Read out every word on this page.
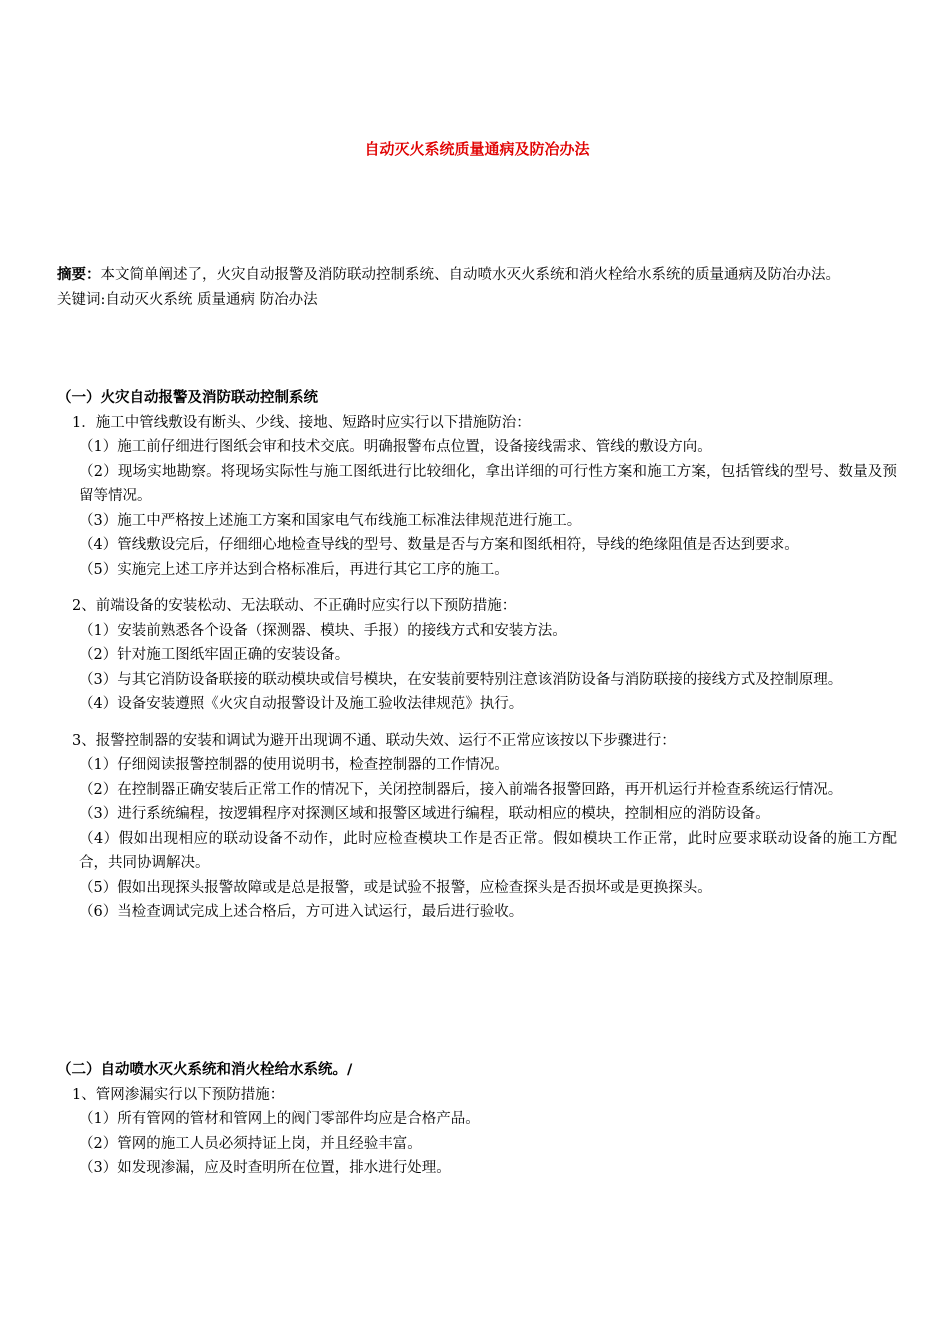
自动灭火系统质量通病及防冶办法

摘要：本文简单阐述了，火灾自动报警及消防联动控制系统、自动喷水灭火系统和消火栓给水系统的质量通病及防冶办法。

关键词:自动灭火系统 质量通病 防冶办法

（一）火灾自动报警及消防联动控制系统

1．施工中管线敷设有断头、少线、接地、短路时应实行以下措施防治：

（1）施工前仔细进行图纸会审和技术交底。明确报警布点位置，设备接线需求、管线的敷设方向。

（2）现场实地勘察。将现场实际性与施工图纸进行比较细化，拿出详细的可行性方案和施工方案，包括管线的型号、数量及预留等情况。

（3）施工中严格按上述施工方案和国家电气布线施工标准法律规范进行施工。

（4）管线敷设完后，仔细细心地检查导线的型号、数量是否与方案和图纸相符，导线的绝缘阻值是否达到要求。

（5）实施完上述工序并达到合格标准后，再进行其它工序的施工。

2、前端设备的安装松动、无法联动、不正确时应实行以下预防措施：

（1）安装前熟悉各个设备（探测器、模块、手报）的接线方式和安装方法。

（2）针对施工图纸牢固正确的安装设备。

（3）与其它消防设备联接的联动模块或信号模块，在安装前要特别注意该消防设备与消防联接的接线方式及控制原理。

（4）设备安装遵照《火灾自动报警设计及施工验收法律规范》执行。

3、报警控制器的安装和调试为避开出现调不通、联动失效、运行不正常应该按以下步骤进行：

（1）仔细阅读报警控制器的使用说明书，检查控制器的工作情况。

（2）在控制器正确安装后正常工作的情况下，关闭控制器后，接入前端各报警回路，再开机运行并检查系统运行情况。

（3）进行系统编程，按逻辑程序对探测区域和报警区域进行编程，联动相应的模块，控制相应的消防设备。

（4）假如出现相应的联动设备不动作，此时应检查模块工作是否正常。假如模块工作正常，此时应要求联动设备的施工方配合，共同协调解决。

（5）假如出现探头报警故障或是总是报警，或是试验不报警，应检查探头是否损坏或是更换探头。

（6）当检查调试完成上述合格后，方可进入试运行，最后进行验收。

（二）自动喷水灭火系统和消火栓给水系统。/

1、管网渗漏实行以下预防措施：

（1）所有管网的管材和管网上的阀门零部件均应是合格产品。

（2）管网的施工人员必须持证上岗，并且经验丰富。

（3）如发现渗漏，应及时查明所在位置，排水进行处理。
